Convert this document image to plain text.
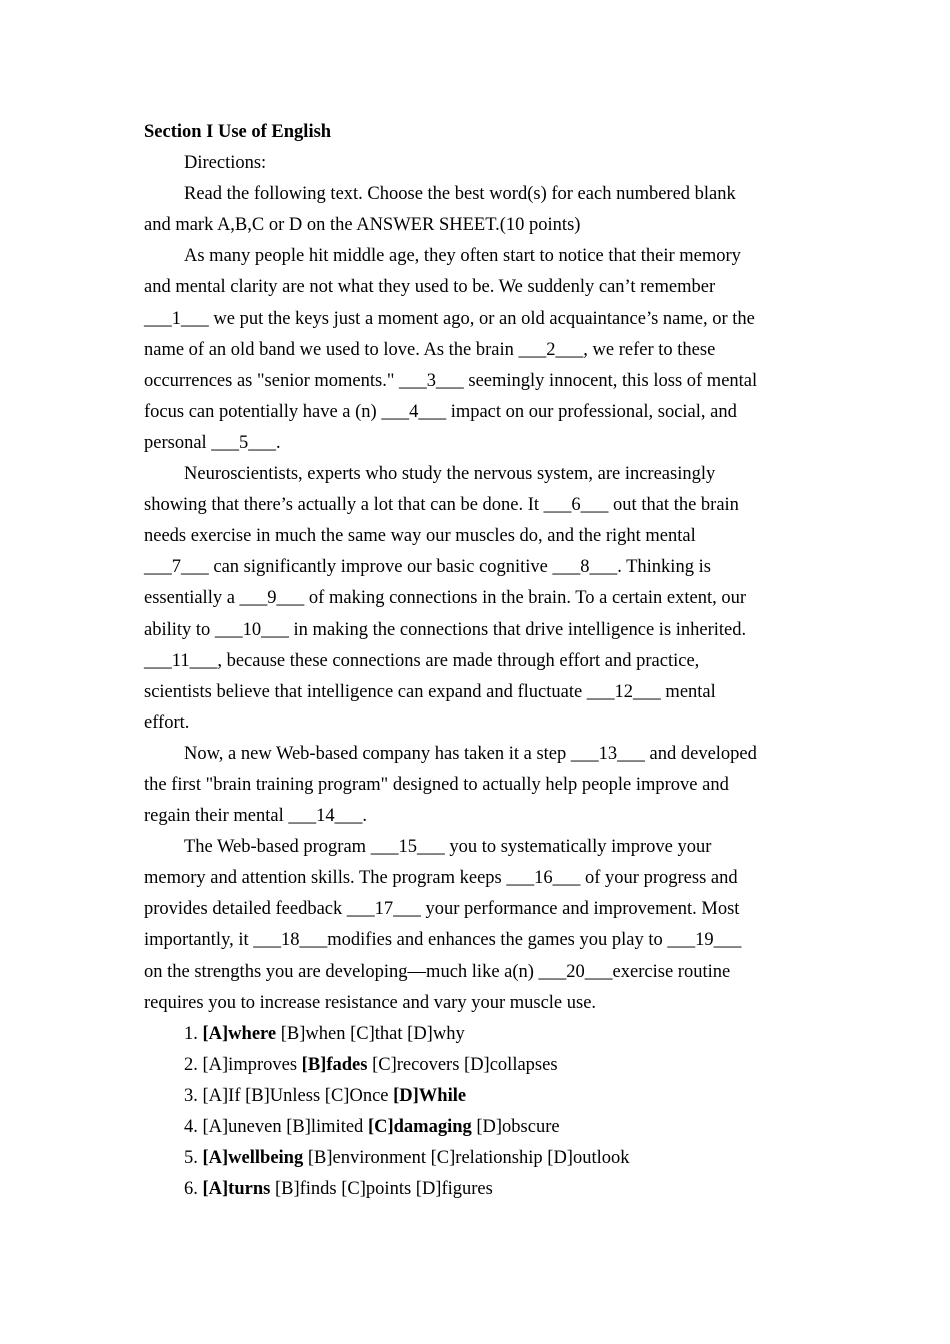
Section I Use of English
Directions:
Read the following text. Choose the best word(s) for each numbered blank
and mark A,B,C or D on the ANSWER SHEET.(10 points)
As many people hit middle age, they often start to notice that their memory
and mental clarity are not what they used to be. We suddenly can’t remember
___1___ we put the keys just a moment ago, or an old acquaintance’s name, or the
name of an old band we used to love. As the brain ___2___, we refer to these
occurrences as "senior moments." ___3___ seemingly innocent, this loss of mental
focus can potentially have a (n) ___4___ impact on our professional, social, and
personal ___5___.
Neuroscientists, experts who study the nervous system, are increasingly
showing that there’s actually a lot that can be done. It ___6___ out that the brain
needs exercise in much the same way our muscles do, and the right mental
___7___ can significantly improve our basic cognitive ___8___. Thinking is
essentially a ___9___ of making connections in the brain. To a certain extent, our
ability to ___10___ in making the connections that drive intelligence is inherited.
___11___, because these connections are made through effort and practice,
scientists believe that intelligence can expand and fluctuate ___12___ mental
effort.
Now, a new Web-based company has taken it a step ___13___ and developed
the first "brain training program" designed to actually help people improve and
regain their mental ___14___.
The Web-based program ___15___ you to systematically improve your
memory and attention skills. The program keeps ___16___ of your progress and
provides detailed feedback ___17___ your performance and improvement. Most
importantly, it ___18___modifies and enhances the games you play to ___19___
on the strengths you are developing—much like a(n) ___20___exercise routine
requires you to increase resistance and vary your muscle use.
1. [A]where [B]when [C]that [D]why
2. [A]improves [B]fades [C]recovers [D]collapses
3. [A]If [B]Unless [C]Once [D]While
4. [A]uneven [B]limited [C]damaging [D]obscure
5. [A]wellbeing [B]environment [C]relationship [D]outlook
6. [A]turns [B]finds [C]points [D]figures
